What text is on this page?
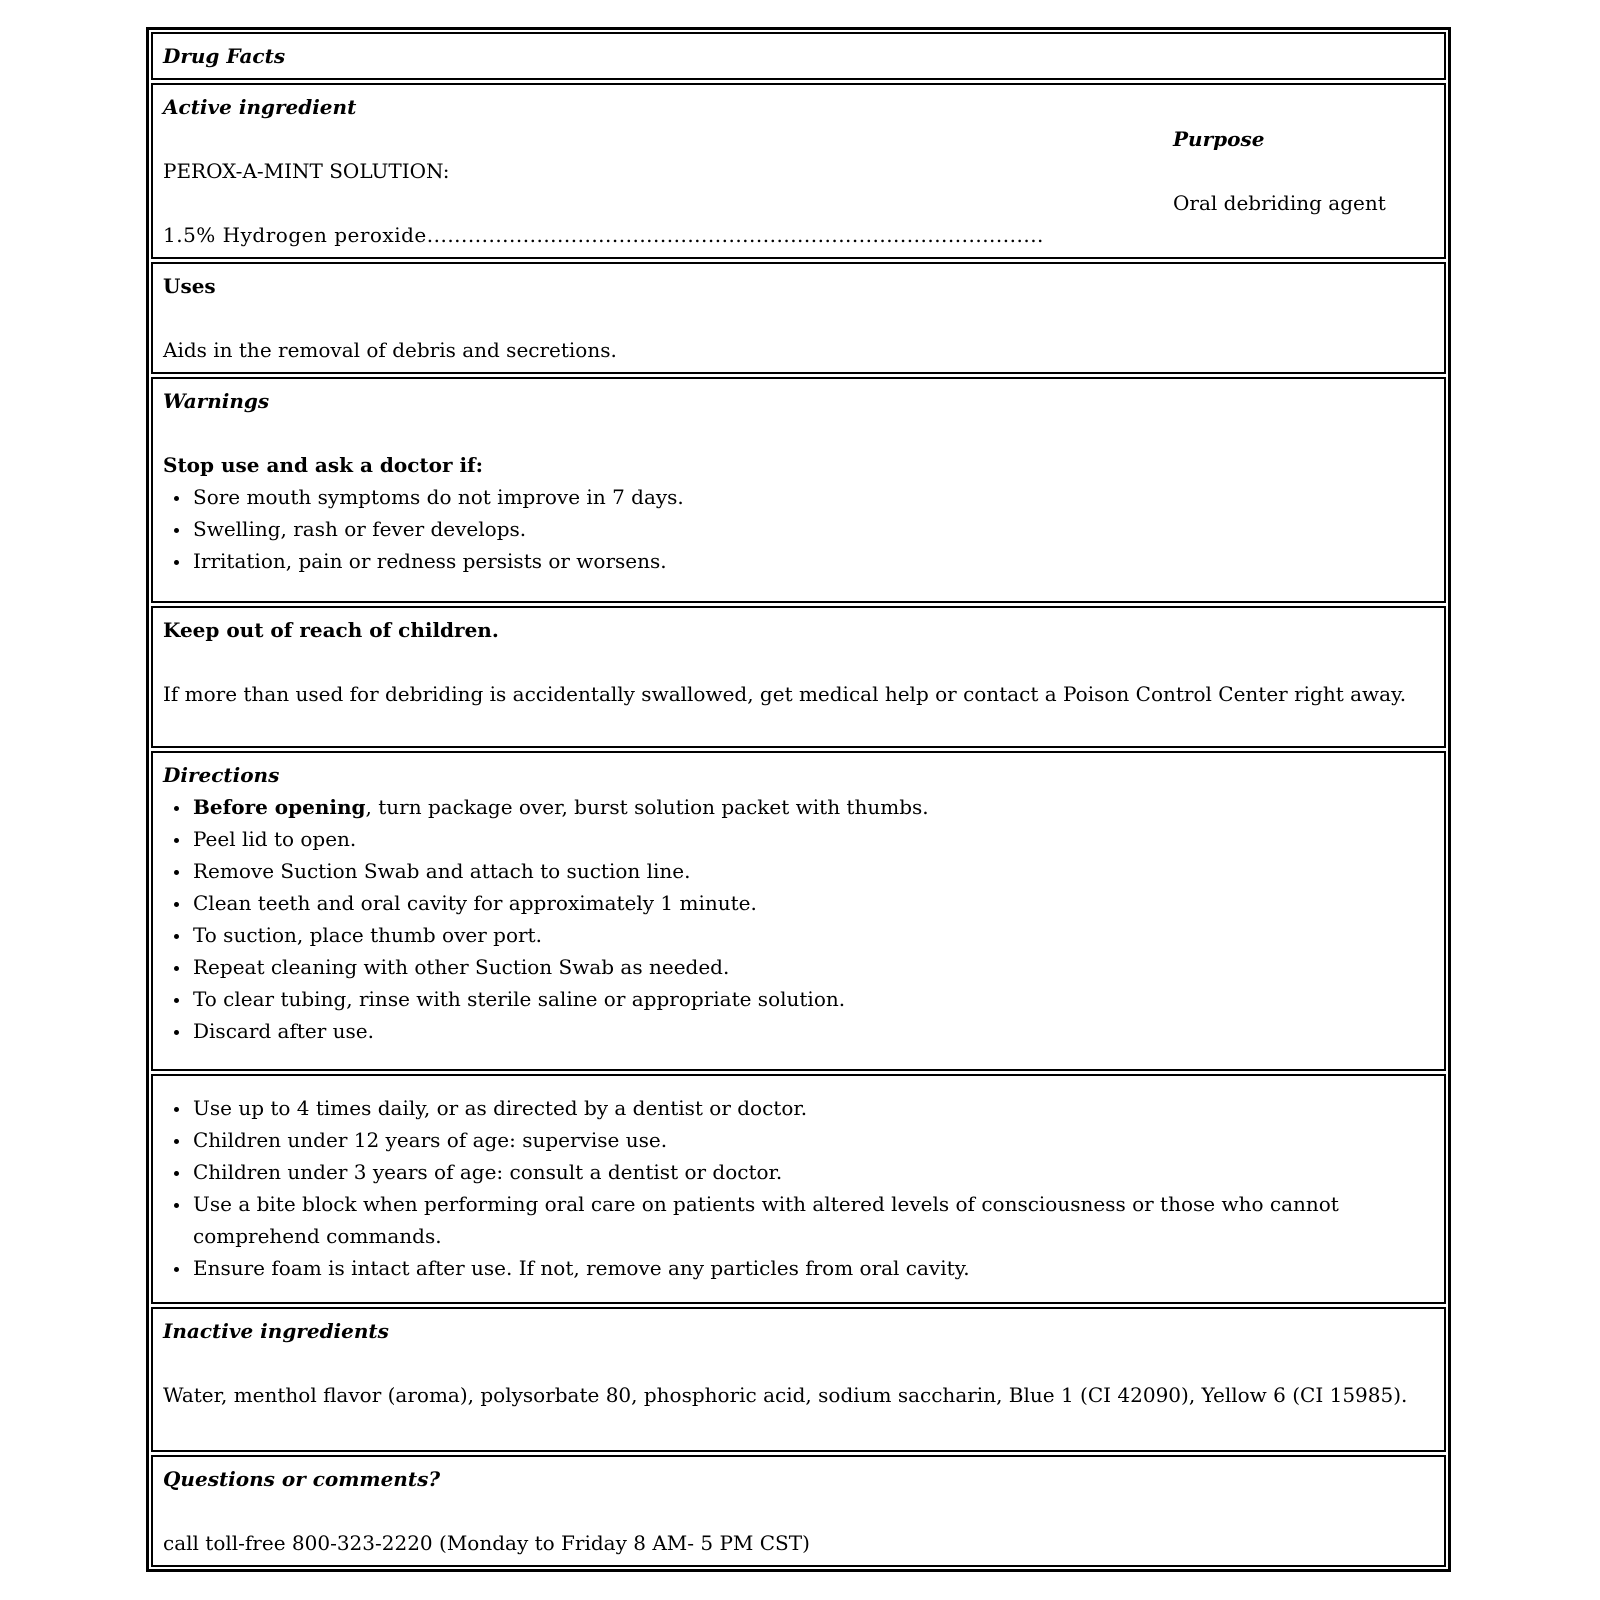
Drug Facts
Active ingredient
Purpose
PEROX-A-MINT SOLUTION:
Oral debriding agent
1.5% Hydrogen peroxide..........................................................................................
Uses

Aids in the removal of debris and secretions.

Warnings
Stop use and ask a doctor if:
• Sore mouth symptoms do not improve in 7 days.
• Swelling, rash or fever develops.
• Irritation, pain or redness persists or worsens.
Keep out of reach of children.

If more than used for debriding is accidentally swallowed, get medical help or contact a Poison Control Center right away.

Directions
• Before opening, turn package over, burst solution packet with thumbs.
• Peel lid to open.
• Remove Suction Swab and attach to suction line.
• Clean teeth and oral cavity for approximately 1 minute.
• To suction, place thumb over port.
• Repeat cleaning with other Suction Swab as needed.
• To clear tubing, rinse with sterile saline or appropriate solution.
• Discard after use.
• Use up to 4 times daily, or as directed by a dentist or doctor.
• Children under 12 years of age: supervise use.
• Children under 3 years of age: consult a dentist or doctor.
• Use a bite block when performing oral care on patients with altered levels of consciousness or those who cannot comprehend commands.
• Ensure foam is intact after use. If not, remove any particles from oral cavity.
Inactive ingredients

Water, menthol flavor (aroma), polysorbate 80, phosphoric acid, sodium saccharin, Blue 1 (CI 42090), Yellow 6 (CI 15985).

Questions or comments?

call toll-free 800-323-2220 (Monday to Friday 8 AM- 5 PM CST)
